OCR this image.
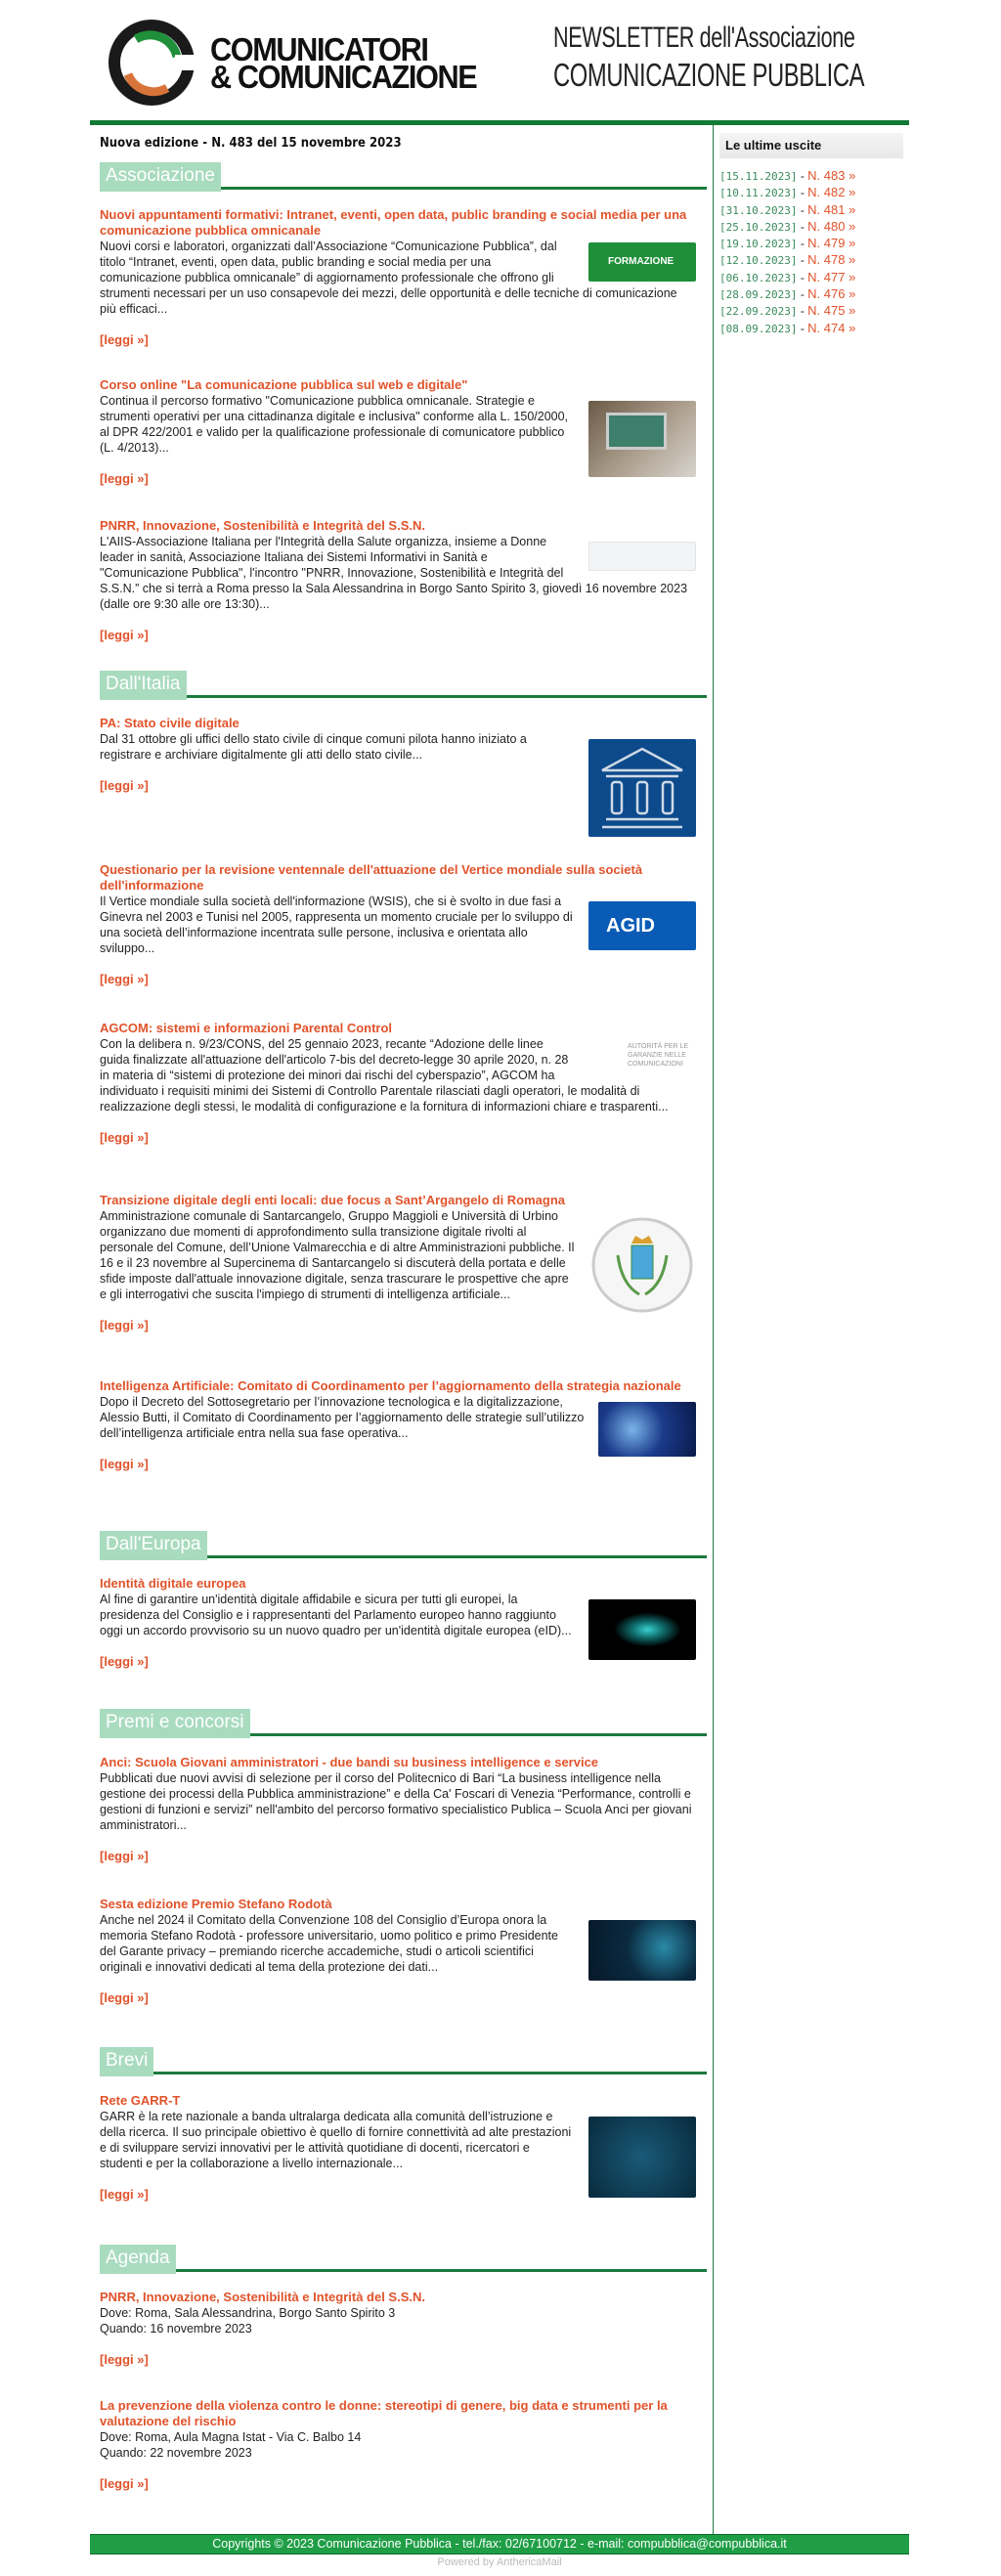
COMUNICATORI
& COMUNICAZIONE
NEWSLETTER dell'Associazione
COMUNICAZIONE PUBBLICA
Nuova edizione - N. 483 del 15 novembre 2023
Associazione
Nuovi appuntamenti formativi: Intranet, eventi, open data, public branding e social media per una comunicazione pubblica omnicanale
FORMAZIONE
Nuovi corsi e laboratori, organizzati dall’Associazione “Comunicazione Pubblica”, dal titolo “Intranet, eventi, open data, public branding e social media per una comunicazione pubblica omnicanale” di aggiornamento professionale che offrono gli strumenti necessari per un uso consapevole dei mezzi, delle opportunità e delle tecniche di comunicazione più efficaci...
[leggi »]
Corso online "La comunicazione pubblica sul web e digitale"
Continua il percorso formativo "Comunicazione pubblica omnicanale. Strategie e strumenti operativi per una cittadinanza digitale e inclusiva" conforme alla L. 150/2000, al DPR 422/2001 e valido per la qualificazione professionale di comunicatore pubblico (L. 4/2013)...
[leggi »]
PNRR, Innovazione, Sostenibilità e Integrità del S.S.N.
L'AIIS-Associazione Italiana per l'Integrità della Salute organizza, insieme a Donne leader in sanità, Associazione Italiana dei Sistemi Informativi in Sanità e "Comunicazione Pubblica", l'incontro "PNRR, Innovazione, Sostenibilità e Integrità del S.S.N.” che si terrà a Roma presso la Sala Alessandrina in Borgo Santo Spirito 3, giovedì 16 novembre 2023 (dalle ore 9:30 alle ore 13:30)...
[leggi »]
Dall'Italia
PA: Stato civile digitale
Dal 31 ottobre gli uffici dello stato civile di cinque comuni pilota hanno iniziato a registrare e archiviare digitalmente gli atti dello stato civile...
[leggi »]
Questionario per la revisione ventennale dell'attuazione del Vertice mondiale sulla società dell'informazione
AGID
Il Vertice mondiale sulla società dell'informazione (WSIS), che si è svolto in due fasi a Ginevra nel 2003 e Tunisi nel 2005, rappresenta un momento cruciale per lo sviluppo di una società dell’informazione incentrata sulle persone, inclusiva e orientata allo sviluppo...
[leggi »]
AGCOM: sistemi e informazioni Parental Control
AUTORITÀ PER LE GARANZIE NELLE COMUNICAZIONI
Con la delibera n. 9/23/CONS, del 25 gennaio 2023, recante “Adozione delle linee guida finalizzate all'attuazione dell'articolo 7-bis del decreto-legge 30 aprile 2020, n. 28 in materia di “sistemi di protezione dei minori dai rischi del cyberspazio”, AGCOM ha individuato i requisiti minimi dei Sistemi di Controllo Parentale rilasciati dagli operatori, le modalità di realizzazione degli stessi, le modalità di configurazione e la fornitura di informazioni chiare e trasparenti...
[leggi »]
Transizione digitale degli enti locali: due focus a Sant’Argangelo di Romagna
Amministrazione comunale di Santarcangelo, Gruppo Maggioli e Università di Urbino organizzano due momenti di approfondimento sulla transizione digitale rivolti al personale del Comune, dell’Unione Valmarecchia e di altre Amministrazioni pubbliche. Il 16 e il 23 novembre al Supercinema di Santarcangelo si discuterà della portata e delle sfide imposte dall'attuale innovazione digitale, senza trascurare le prospettive che apre e gli interrogativi che suscita l'impiego di strumenti di intelligenza artificiale...
[leggi »]
Intelligenza Artificiale: Comitato di Coordinamento per l’aggiornamento della strategia nazionale
Dopo il Decreto del Sottosegretario per l’innovazione tecnologica e la digitalizzazione, Alessio Butti, il Comitato di Coordinamento per l’aggiornamento delle strategie sull’utilizzo dell’intelligenza artificiale entra nella sua fase operativa...
[leggi »]
Dall'Europa
Identità digitale europea
Al fine di garantire un'identità digitale affidabile e sicura per tutti gli europei, la presidenza del Consiglio e i rappresentanti del Parlamento europeo hanno raggiunto oggi un accordo provvisorio su un nuovo quadro per un'identità digitale europea (eID)...
[leggi »]
Premi e concorsi
Anci: Scuola Giovani amministratori - due bandi su business intelligence e service
Pubblicati due nuovi avvisi di selezione per il corso del Politecnico di Bari “La business intelligence nella gestione dei processi della Pubblica amministrazione” e della Ca' Foscari di Venezia “Performance, controlli e gestioni di funzioni e servizi” nell'ambito del percorso formativo specialistico Publica – Scuola Anci per giovani amministratori...
[leggi »]
Sesta edizione Premio Stefano Rodotà
Anche nel 2024 il Comitato della Convenzione 108 del Consiglio d’Europa onora la memoria Stefano Rodotà - professore universitario, uomo politico e primo Presidente del Garante privacy – premiando ricerche accademiche, studi o articoli scientifici originali e innovativi dedicati al tema della protezione dei dati...
[leggi »]
Brevi
Rete GARR-T
GARR è la rete nazionale a banda ultralarga dedicata alla comunità dell’istruzione e della ricerca. Il suo principale obiettivo è quello di fornire connettività ad alte prestazioni e di sviluppare servizi innovativi per le attività quotidiane di docenti, ricercatori e studenti e per la collaborazione a livello internazionale...
[leggi »]
Agenda
PNRR, Innovazione, Sostenibilità e Integrità del S.S.N.
Dove: Roma, Sala Alessandrina, Borgo Santo Spirito 3
Quando: 16 novembre 2023
[leggi »]
La prevenzione della violenza contro le donne: stereotipi di genere, big data e strumenti per la valutazione del rischio
Dove: Roma, Aula Magna Istat - Via C. Balbo 14
Quando: 22 novembre 2023
[leggi »]
Le ultime uscite
[15.11.2023] - N. 483 »
[10.11.2023] - N. 482 »
[31.10.2023] - N. 481 »
[25.10.2023] - N. 480 »
[19.10.2023] - N. 479 »
[12.10.2023] - N. 478 »
[06.10.2023] - N. 477 »
[28.09.2023] - N. 476 »
[22.09.2023] - N. 475 »
[08.09.2023] - N. 474 »
Copyrights © 2023 Comunicazione Pubblica - tel./fax: 02/67100712 - e-mail: compubblica@compubblica.it
Powered by AnthericaMail
